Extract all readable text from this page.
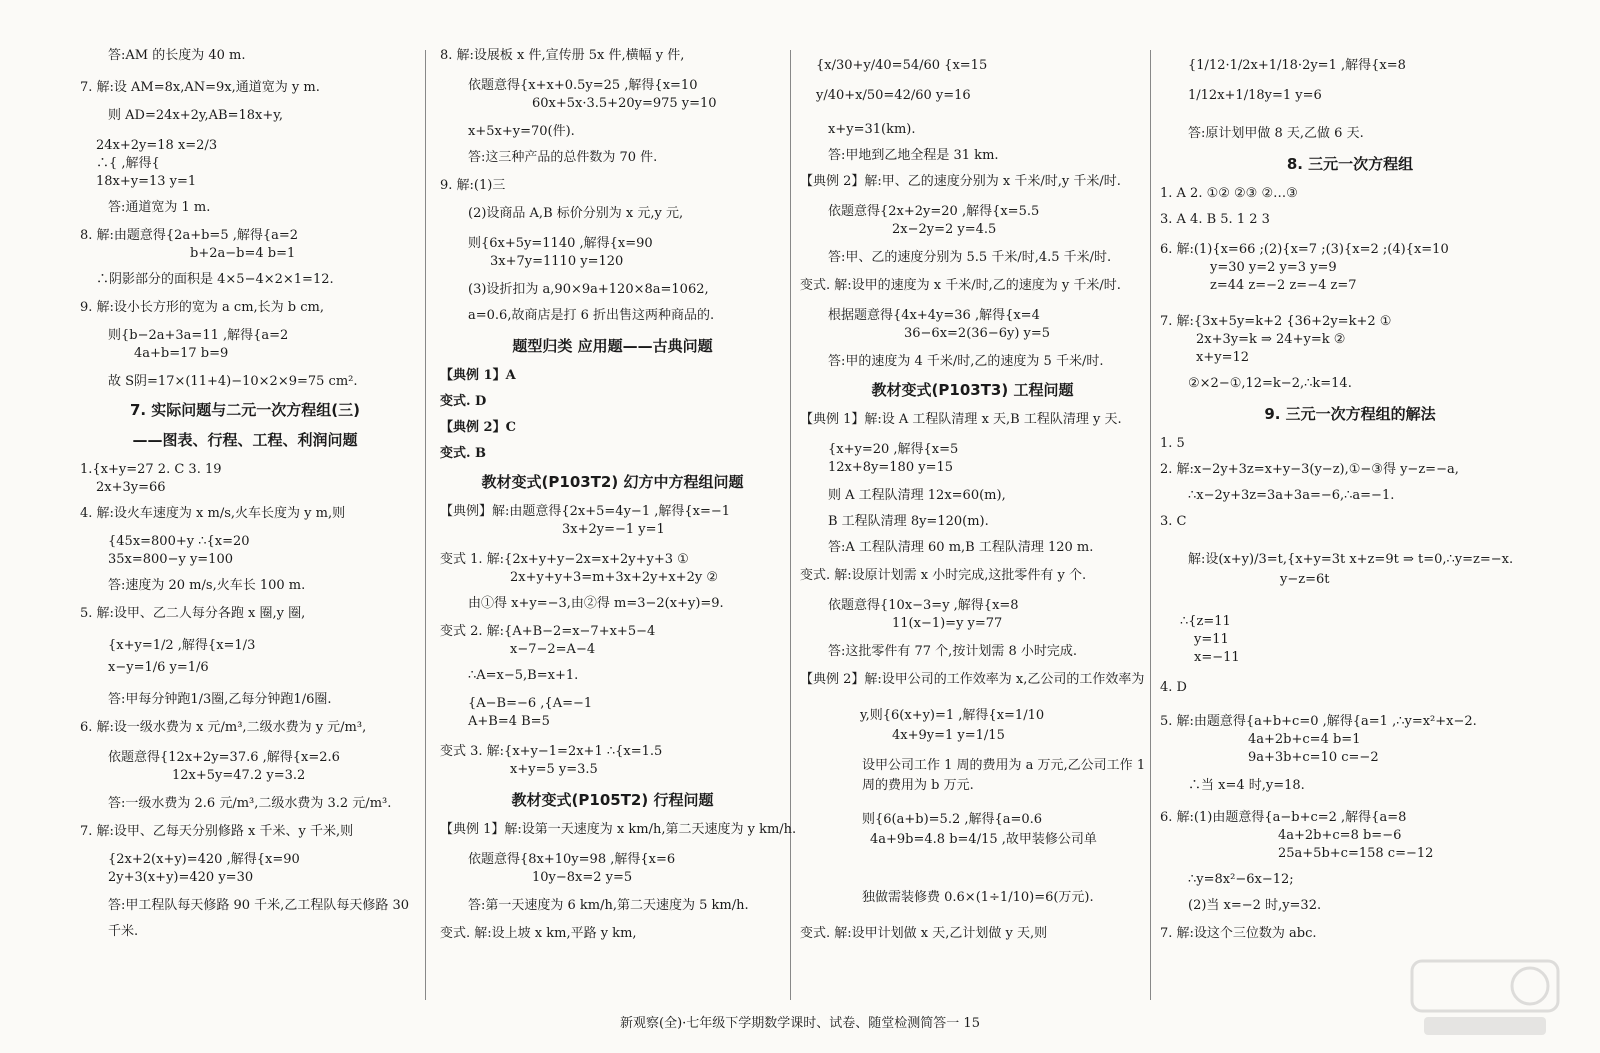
答:AM 的长度为 40 m.
7. 解:设 AM=8x,AN=9x,通道宽为 y m.
则 AD=24x+2y,AB=18x+y,
24x+2y=18 x=2/3
∴{ ,解得{
18x+y=13 y=1
答:通道宽为 1 m.
8. 解:由题意得{2a+b=5 ,解得{a=2
b+2a−b=4 b=1
∴阴影部分的面积是 4×5−4×2×1=12.
9. 解:设小长方形的宽为 a cm,长为 b cm,
则{b−2a+3a=11 ,解得{a=2
4a+b=17 b=9
故 S阴=17×(11+4)−10×2×9=75 cm².
7. 实际问题与二元一次方程组(三)
——图表、行程、工程、利润问题
1.{x+y=27 2. C 3. 19
2x+3y=66
4. 解:设火车速度为 x m/s,火车长度为 y m,则
{45x=800+y ∴{x=20
35x=800−y y=100
答:速度为 20 m/s,火车长 100 m.
5. 解:设甲、乙二人每分各跑 x 圈,y 圈,
{x+y=1/2 ,解得{x=1/3
x−y=1/6 y=1/6
答:甲每分钟跑1/3圈,乙每分钟跑1/6圈.
6. 解:设一级水费为 x 元/m³,二级水费为 y 元/m³,
依题意得{12x+2y=37.6 ,解得{x=2.6
12x+5y=47.2 y=3.2
答:一级水费为 2.6 元/m³,二级水费为 3.2 元/m³.
7. 解:设甲、乙每天分别修路 x 千米、y 千米,则
{2x+2(x+y)=420 ,解得{x=90
2y+3(x+y)=420 y=30
答:甲工程队每天修路 90 千米,乙工程队每天修路 30
千米.
8. 解:设展板 x 件,宣传册 5x 件,横幅 y 件,
依题意得{x+x+0.5y=25 ,解得{x=10
60x+5x·3.5+20y=975 y=10
x+5x+y=70(件).
答:这三种产品的总件数为 70 件.
9. 解:(1)三
(2)设商品 A,B 标价分别为 x 元,y 元,
则{6x+5y=1140 ,解得{x=90
3x+7y=1110 y=120
(3)设折扣为 a,90×9a+120×8a=1062,
a=0.6,故商店是打 6 折出售这两种商品的.
题型归类 应用题——古典问题
【典例 1】A
变式. D
【典例 2】C
变式. B
教材变式(P103T2) 幻方中方程组问题
【典例】解:由题意得{2x+5=4y−1 ,解得{x=−1
3x+2y=−1 y=1
变式 1. 解:{2x+y+y−2x=x+2y+y+3 ①
2x+y+y+3=m+3x+2y+x+2y ②
由①得 x+y=−3,由②得 m=3−2(x+y)=9.
变式 2. 解:{A+B−2=x−7+x+5−4
x−7−2=A−4
∴A=x−5,B=x+1.
{A−B=−6 ,{A=−1
A+B=4 B=5
变式 3. 解:{x+y−1=2x+1 ∴{x=1.5
x+y=5 y=3.5
教材变式(P105T2) 行程问题
【典例 1】解:设第一天速度为 x km/h,第二天速度为 y km/h.
依题意得{8x+10y=98 ,解得{x=6
10y−8x=2 y=5
答:第一天速度为 6 km/h,第二天速度为 5 km/h.
变式. 解:设上坡 x km,平路 y km,
{x/30+y/40=54/60 {x=15
y/40+x/50=42/60 y=16
x+y=31(km).
答:甲地到乙地全程是 31 km.
【典例 2】解:甲、乙的速度分别为 x 千米/时,y 千米/时.
依题意得{2x+2y=20 ,解得{x=5.5
2x−2y=2 y=4.5
答:甲、乙的速度分别为 5.5 千米/时,4.5 千米/时.
变式. 解:设甲的速度为 x 千米/时,乙的速度为 y 千米/时.
根据题意得{4x+4y=36 ,解得{x=4
36−6x=2(36−6y) y=5
答:甲的速度为 4 千米/时,乙的速度为 5 千米/时.
教材变式(P103T3) 工程问题
【典例 1】解:设 A 工程队清理 x 天,B 工程队清理 y 天.
{x+y=20 ,解得{x=5
12x+8y=180 y=15
则 A 工程队清理 12x=60(m),
B 工程队清理 8y=120(m).
答:A 工程队清理 60 m,B 工程队清理 120 m.
变式. 解:设原计划需 x 小时完成,这批零件有 y 个.
依题意得{10x−3=y ,解得{x=8
11(x−1)=y y=77
答:这批零件有 77 个,按计划需 8 小时完成.
【典例 2】解:设甲公司的工作效率为 x,乙公司的工作效率为
y,则{6(x+y)=1 ,解得{x=1/10
4x+9y=1 y=1/15
设甲公司工作 1 周的费用为 a 万元,乙公司工作 1
周的费用为 b 万元.
则{6(a+b)=5.2 ,解得{a=0.6
4a+9b=4.8 b=4/15 ,故甲装修公司单
独做需装修费 0.6×(1÷1/10)=6(万元).
变式. 解:设甲计划做 x 天,乙计划做 y 天,则
{1/12·1/2x+1/18·2y=1 ,解得{x=8
1/12x+1/18y=1 y=6
答:原计划甲做 8 天,乙做 6 天.
8. 三元一次方程组
1. A 2. ①② ②③ ②…③
3. A 4. B 5. 1 2 3
6. 解:(1){x=66 ;(2){x=7 ;(3){x=2 ;(4){x=10
y=30 y=2 y=3 y=9
z=44 z=−2 z=−4 z=7
7. 解:{3x+5y=k+2 {36+2y=k+2 ①
2x+3y=k ⇒ 24+y=k ②
x+y=12
②×2−①,12=k−2,∴k=14.
9. 三元一次方程组的解法
1. 5
2. 解:x−2y+3z=x+y−3(y−z),①−③得 y−z=−a,
∴x−2y+3z=3a+3a=−6,∴a=−1.
3. C
解:设(x+y)/3=t,{x+y=3t x+z=9t ⇒ t=0,∴y=z=−x.
y−z=6t
∴{z=11
y=11
x=−11
4. D
5. 解:由题意得{a+b+c=0 ,解得{a=1 ,∴y=x²+x−2.
4a+2b+c=4 b=1
9a+3b+c=10 c=−2
∴当 x=4 时,y=18.
6. 解:(1)由题意得{a−b+c=2 ,解得{a=8
4a+2b+c=8 b=−6
25a+5b+c=158 c=−12
∴y=8x²−6x−12;
(2)当 x=−2 时,y=32.
7. 解:设这个三位数为 abc.
新观察(全)·七年级下学期数学课时、试卷、随堂检测简答一 15
